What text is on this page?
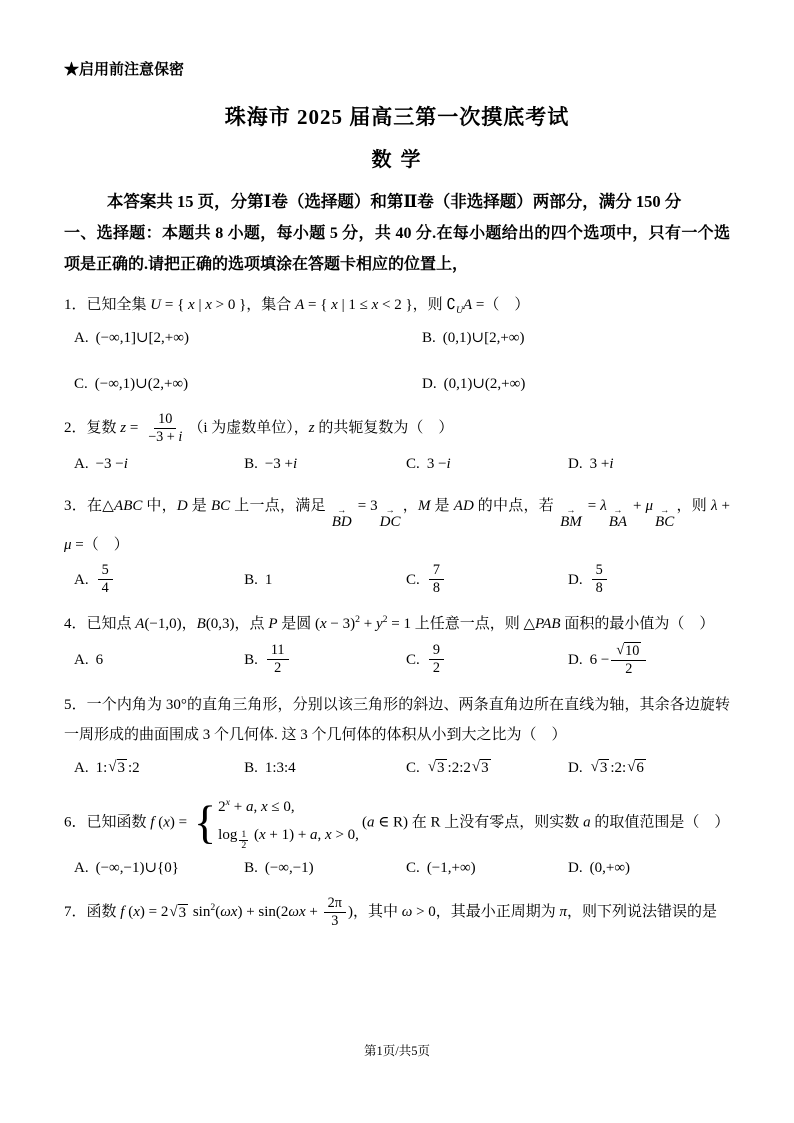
★启用前注意保密

珠海市 2025 届高三第一次摸底考试
数 学

本答案共 15 页，分第Ⅰ卷（选择题）和第Ⅱ卷（非选择题）两部分，满分 150 分

一、选择题：本题共 8 小题，每小题 5 分，共 40 分.在每小题给出的四个选项中，只有一个选项是正确的.请把正确的选项填涂在答题卡相应的位置上，

1．已知全集 U = { x | x > 0 }，集合 A = { x | 1 ≤ x < 2 }，则 $∁_UA$ =（　）

A. (−∞,1]∪[2,+∞)	B. (0,1)∪[2,+∞)
C. (−∞,1)∪(2,+∞)	D. (0,1)∪(2,+∞)

2．复数 $z = \frac{10}{-3 + i} (i$ 为虚数单位），z 的共轭复数为（　）

A. −3 − i	B. −3 + i	C. 3 − i	D. 3 + i

3．在△ABC 中，D 是 BC 上一点，满足 → BD = 3→ DC，M 是 AD 的中点，若 → BM = λ→ BA + μ→ BC，则 λ + μ =（　）

A. $\frac{5}{4}$	B. 1	C. $\frac{7}{8}$	D. $\frac{5}{8}$

4．已知点 A(−1,0)，B(0,3)，点 P 是圆 $(x - 3)^2 + y^2 = 1$ 上任意一点，则 △PAB 面积的最小值为（　）

A. 6	B. $\frac{11}{2}$	C. $\frac{9}{2}$	D. $6 - \frac{√ 10}{2}$

5．一个内角为 30°的直角三角形，分别以该三角形的斜边、两条直角边所在直线为轴，其余各边旋转一周形成的曲面围成 3 个几何体. 这 3 个几何体的体积从小到大之比为（　）

A. 1: √ 3 :2	B. 1:3:4	C. √ 3 :2:2 √ 3	D. √ 3 :2: √ 6

6．已知函数 f (x) = { $2^x + a$, x ≤ 0,
log $_{\frac{1}{2}}$ (x + 1) + a, x > 0,
(a ∈ R) 在 R 上没有零点，则实数 a 的取值范围是（　）

A. (−∞,−1)∪{0}	B. (−∞,−1)	C. (−1,+∞)	D. (0,+∞)

7．函数 f (x) = 2 √ 3 $\sin^2(\omega x) + \sin(2\omega x + \frac{2\pi}{3}$ )，其中 ω > 0，其最小正周期为 π，则下列说法错误的是

第1页/共5页
